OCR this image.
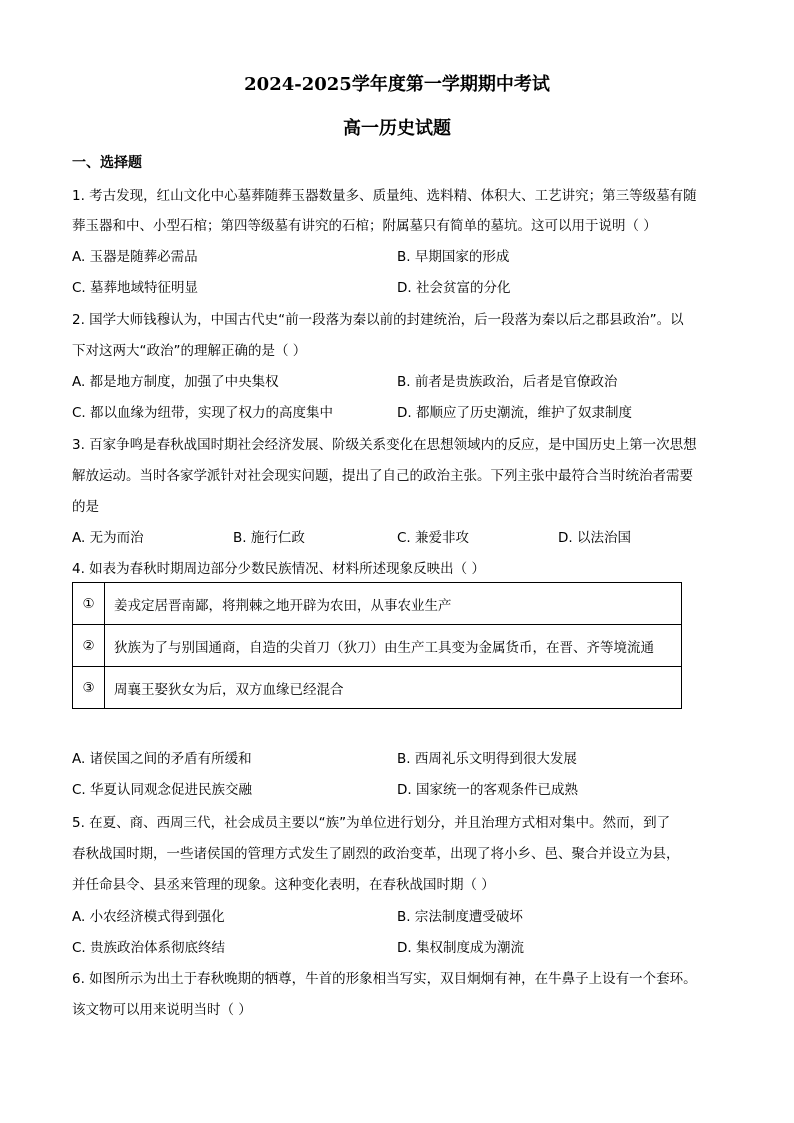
2024-2025学年度第一学期期中考试
高一历史试题
一、选择题
1. 考古发现，红山文化中心墓葬随葬玉器数量多、质量纯、选料精、体积大、工艺讲究；第三等级墓有随
葬玉器和中、小型石棺；第四等级墓有讲究的石棺；附属墓只有简单的墓坑。这可以用于说明（ ）
A. 玉器是随葬必需品	B. 早期国家的形成
C. 墓葬地域特征明显	D. 社会贫富的分化
2. 国学大师钱穆认为，中国古代史“前一段落为秦以前的封建统治，后一段落为秦以后之郡县政治”。以
下对这两大“政治”的理解正确的是（ ）
A. 都是地方制度，加强了中央集权	B. 前者是贵族政治，后者是官僚政治
C. 都以血缘为纽带，实现了权力的高度集中	D. 都顺应了历史潮流，维护了奴隶制度
3. 百家争鸣是春秋战国时期社会经济发展、阶级关系变化在思想领域内的反应，是中国历史上第一次思想
解放运动。当时各家学派针对社会现实问题，提出了自己的政治主张。下列主张中最符合当时统治者需要
的是
A. 无为而治	B. 施行仁政	C. 兼爱非攻	D. 以法治国
4. 如表为春秋时期周边部分少数民族情况、材料所述现象反映出（ ）
①	姜戎定居晋南鄙，将荆棘之地开辟为农田，从事农业生产
②	狄族为了与别国通商，自造的尖首刀（狄刀）由生产工具变为金属货币，在晋、齐等境流通
③	周襄王娶狄女为后，双方血缘已经混合
A. 诸侯国之间的矛盾有所缓和	B. 西周礼乐文明得到很大发展
C. 华夏认同观念促进民族交融	D. 国家统一的客观条件已成熟
5. 在夏、商、西周三代，社会成员主要以“族”为单位进行划分，并且治理方式相对集中。然而，到了
春秋战国时期，一些诸侯国的管理方式发生了剧烈的政治变革，出现了将小乡、邑、聚合并设立为县，
并任命县令、县丞来管理的现象。这种变化表明，在春秋战国时期（ ）
A. 小农经济模式得到强化	B. 宗法制度遭受破坏
C. 贵族政治体系彻底终结	D. 集权制度成为潮流
6. 如图所示为出土于春秋晚期的牺尊，牛首的形象相当写实，双目炯炯有神，在牛鼻子上设有一个套环。
该文物可以用来说明当时（ ）
